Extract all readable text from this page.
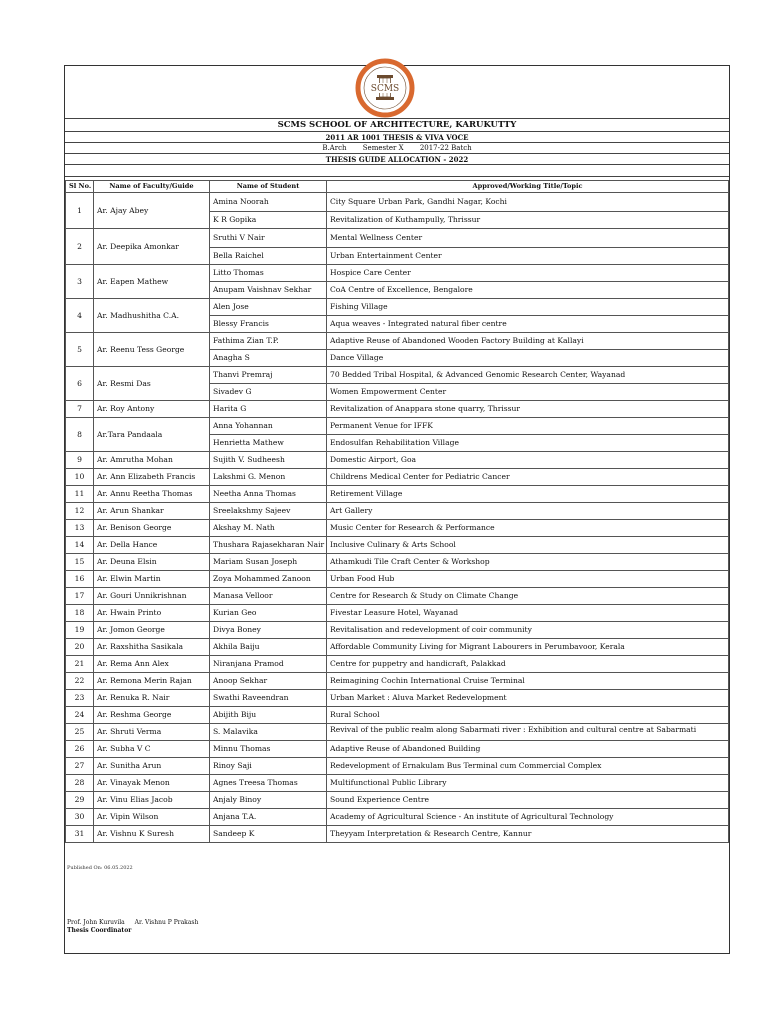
SCMS
SCMS SCHOOL OF ARCHITECTURE, KARUKUTTY
2011 AR 1001 THESIS & VIVA VOCE
B.Arch Semester X 2017-22 Batch
THESIS GUIDE ALLOCATION - 2022
Sl No.	Name of Faculty/Guide	Name of Student	Approved/Working Title/Topic
1	Ar. Ajay Abey	Amina Noorah	City Square Urban Park, Gandhi Nagar, Kochi
		K R Gopika	Revitalization of Kuthampully, Thrissur
2	Ar. Deepika Amonkar	Sruthi V Nair	Mental Wellness Center
		Bella Raichel	Urban Entertainment Center
3	Ar. Eapen Mathew	Litto Thomas	Hospice Care Center
		Anupam Vaishnav Sekhar	CoA Centre of Excellence, Bengalore
4	Ar. Madhushitha C.A.	Alen Jose	Fishing Village
		Blessy Francis	Aqua weaves - Integrated natural fiber centre
5	Ar. Reenu Tess George	Fathima Zian T.P.	Adaptive Reuse of Abandoned Wooden Factory Building at Kallayi
		Anagha S	Dance Village
6	Ar. Resmi Das	Thanvi Premraj	70 Bedded Tribal Hospital, & Advanced Genomic Research Center, Wayanad
		Sivadev G	Women Empowerment Center
7	Ar. Roy Antony	Harita G	Revitalization of Anappara stone quarry, Thrissur
8	Ar.Tara Pandaala	Anna Yohannan	Permanent Venue for IFFK
		Henrietta Mathew	Endosulfan Rehabilitation Village
9	Ar. Amrutha Mohan	Sujith V. Sudheesh	Domestic Airport, Goa
10	Ar. Ann Elizabeth Francis	Lakshmi G. Menon	Childrens Medical Center for Pediatric Cancer
11	Ar. Annu Reetha Thomas	Neetha Anna Thomas	Retirement Village
12	Ar. Arun Shankar	Sreelakshmy Sajeev	Art Gallery
13	Ar. Benison George	Akshay M. Nath	Music Center for Research & Performance
14	Ar. Della Hance	Thushara Rajasekharan Nair	Inclusive Culinary & Arts School
15	Ar. Deuna Elsin	Mariam Susan Joseph	Athamkudi Tile Craft Center & Workshop
16	Ar. Elwin Martin	Zoya Mohammed Zanoon	Urban Food Hub
17	Ar. Gouri Unnikrishnan	Manasa Velloor	Centre for Research & Study on Climate Change
18	Ar. Hwain Printo	Kurian Geo	Fivestar Leasure Hotel, Wayanad
19	Ar. Jomon George	Divya Boney	Revitalisation and redevelopment of coir community
20	Ar. Raxshitha Sasikala	Akhila Baiju	Affordable Community Living for Migrant Labourers in Perumbavoor, Kerala
21	Ar. Rema Ann Alex	Niranjana Pramod	Centre for puppetry and handicraft, Palakkad
22	Ar. Remona Merin Rajan	Anoop Sekhar	Reimagining Cochin International Cruise Terminal
23	Ar. Renuka R. Nair	Swathi Raveendran	Urban Market : Aluva Market Redevelopment
24	Ar. Reshma George	Abijith Biju	Rural School
25	Ar. Shruti Verma	S. Malavika	Revival of the public realm along Sabarmati river : Exhibition and cultural centre at Sabarmati
26	Ar. Subha V C	Minnu Thomas	Adaptive Reuse of Abandoned Building
27	Ar. Sunitha Arun	Rinoy Saji	Redevelopment of Ernakulam Bus Terminal cum Commercial Complex
28	Ar. Vinayak Menon	Agnes Treesa Thomas	Multifunctional Public Library
29	Ar. Vinu Elias Jacob	Anjaly Binoy	Sound Experience Centre
30	Ar. Vipin Wilson	Anjana T.A.	Academy of Agricultural Science - An institute of Agricultural Technology
31	Ar. Vishnu K Suresh	Sandeep K	Theyyam Interpretation & Research Centre, Kannur
Published On: 06.05.2022
Prof. John Kuruvila Ar. Vishnu P Prakash
Thesis Coordinator
